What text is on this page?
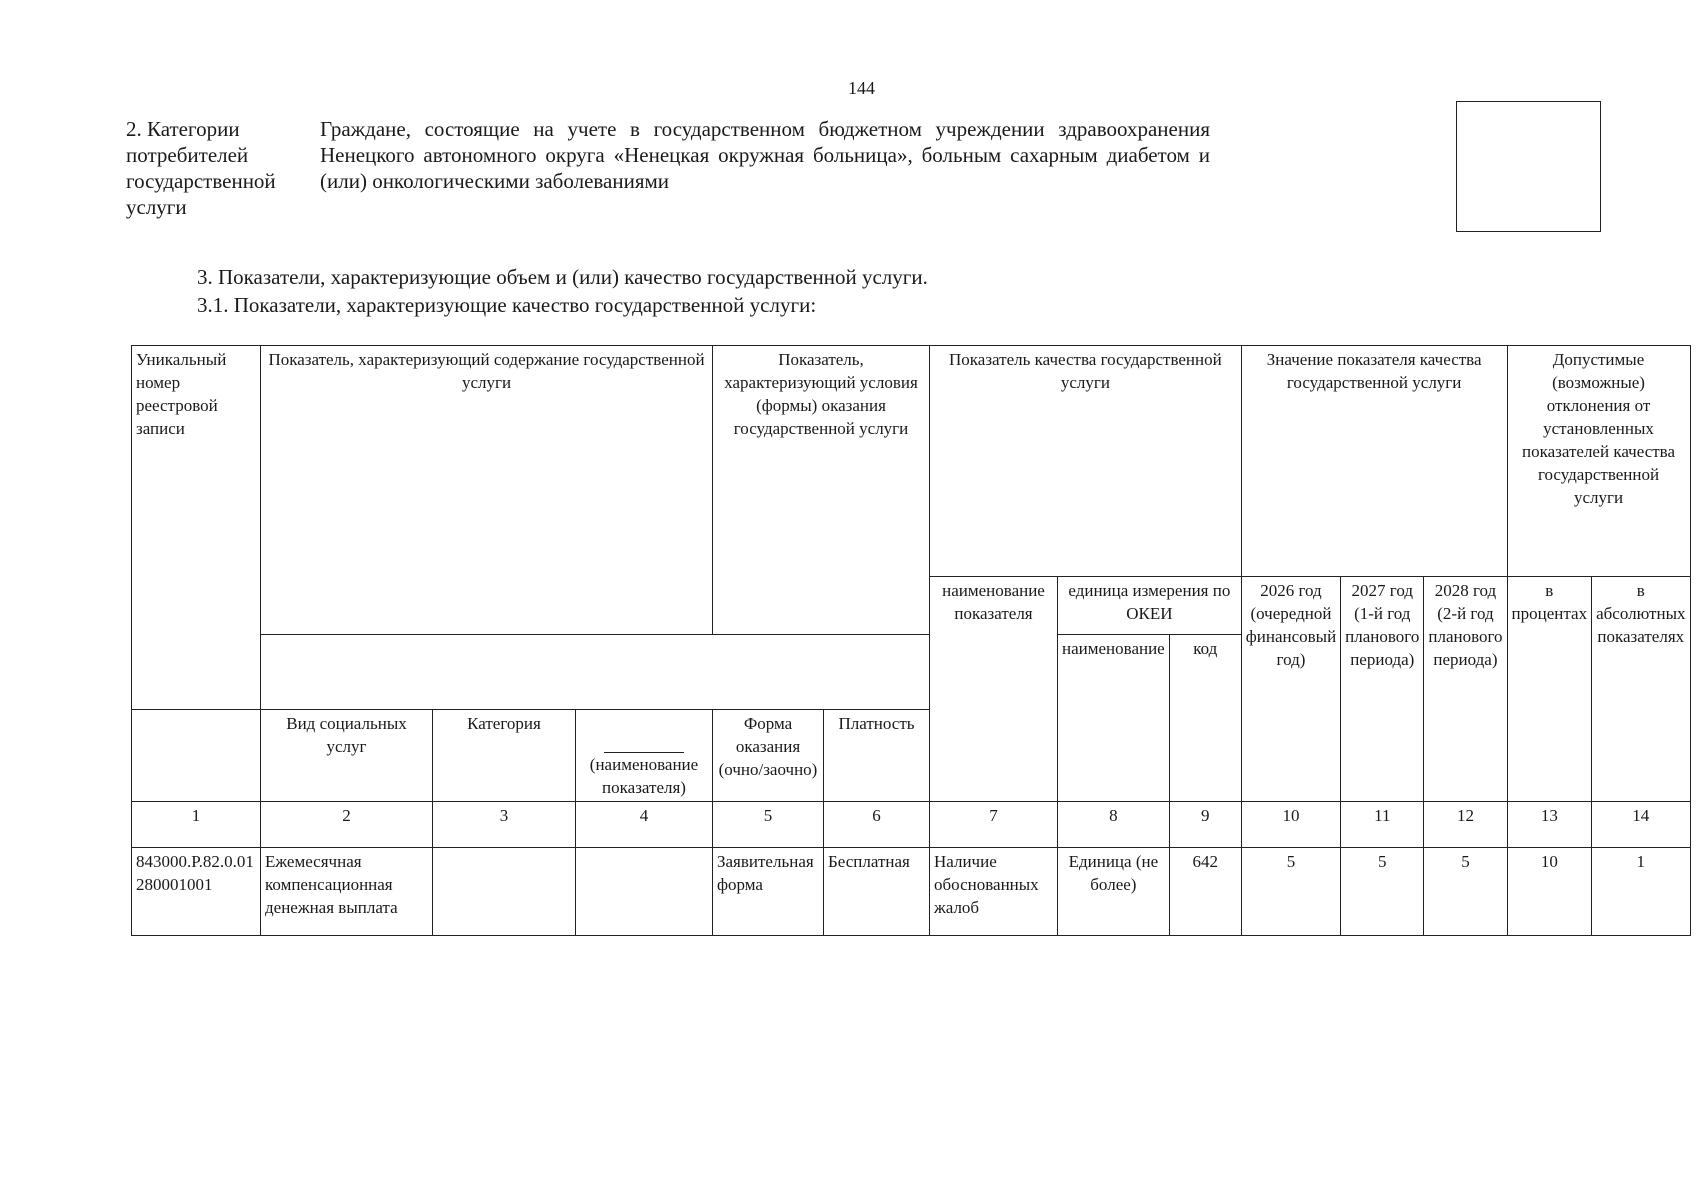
144
2. Категории потребителей государственной услуги
Граждане, состоящие на учете в государственном бюджетном учреждении здравоохранения Ненецкого автономного округа «Ненецкая окружная больница», больным сахарным диабетом и (или) онкологическими заболеваниями
3. Показатели, характеризующие объем и (или) качество государственной услуги.
3.1. Показатели, характеризующие качество государственной услуги:
Уникальный номер реестровой записи	Показатель, характеризующий содержание государственной услуги			Показатель, характеризующий условия (формы) оказания государственной услуги		Показатель качества государственной услуги			Значение показателя качества государственной услуги			Допустимые (возможные) отклонения от установленных показателей качества государственной услуги	
						наименование показателя	единица измерения по ОКЕИ		2026 год (очередной финансовый год)	2027 год (1-й год планового периода)	2028 год (2-й год планового периода)	в процентах	в абсолютных показателях
							наименование	код					
	Вид социальных услуг	Категория	(наименование показателя)	Форма оказания (очно/заочно)	Платность								
1	2	3	4	5	6	7	8	9	10	11	12	13	14
843000.Р.82.0.01280001001	Ежемесячная компенсационная денежная выплата			Заявительная форма	Бесплатная	Наличие обоснованных жалоб	Единица (не более)	642	5	5	5	10	1
